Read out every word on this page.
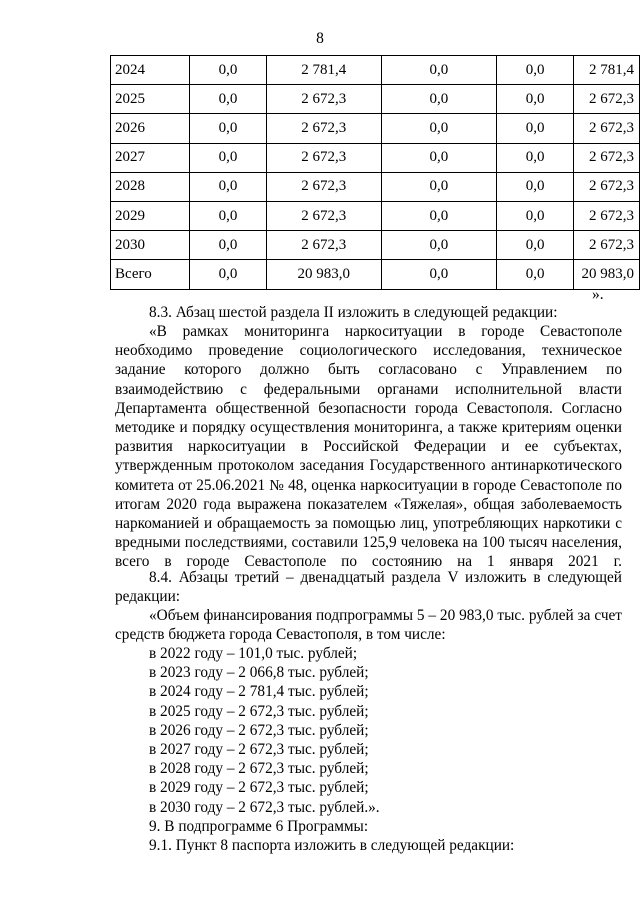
8
2024	0,0	2 781,4	0,0	0,0	2 781,4
2025	0,0	2 672,3	0,0	0,0	2 672,3
2026	0,0	2 672,3	0,0	0,0	2 672,3
2027	0,0	2 672,3	0,0	0,0	2 672,3
2028	0,0	2 672,3	0,0	0,0	2 672,3
2029	0,0	2 672,3	0,0	0,0	2 672,3
2030	0,0	2 672,3	0,0	0,0	2 672,3
Всего	0,0	20 983,0	0,0	0,0	20 983,0
».

8.3. Абзац шестой раздела II изложить в следующей редакции:

«В рамках мониторинга наркоситуации в городе Севастополе необходимо проведение социологического исследования, техническое задание которого должно быть согласовано с Управлением по взаимодействию с федеральными органами исполнительной власти Департамента общественной безопасности города Севастополя. Согласно методике и порядку осуществления мониторинга, а также критериям оценки развития наркоситуации в Российской Федерации и ее субъектах, утвержденным протоколом заседания Государственного антинаркотического комитета от 25.06.2021 № 48, оценка наркоситуации в городе Севастополе по итогам 2020 года выражена показателем «Тяжелая», общая заболеваемость наркоманией и обращаемость за помощью лиц, употребляющих наркотики с вредными последствиями, составили 125,9 человека на 100 тысяч населения, всего в городе Севастополе по состоянию на 1 января 2021 г.

8.4. Абзацы третий – двенадцатый раздела V изложить в следующей редакции:

«Объем финансирования подпрограммы 5 – 20 983,0 тыс. рублей за счет средств бюджета города Севастополя, в том числе:

в 2022 году – 101,0 тыс. рублей;
в 2023 году – 2 066,8 тыс. рублей;
в 2024 году – 2 781,4 тыс. рублей;
в 2025 году – 2 672,3 тыс. рублей;
в 2026 году – 2 672,3 тыс. рублей;
в 2027 году – 2 672,3 тыс. рублей;
в 2028 году – 2 672,3 тыс. рублей;
в 2029 году – 2 672,3 тыс. рублей;
в 2030 году – 2 672,3 тыс. рублей.».
9. В подпрограмме 6 Программы:
9.1. Пункт 8 паспорта изложить в следующей редакции:
